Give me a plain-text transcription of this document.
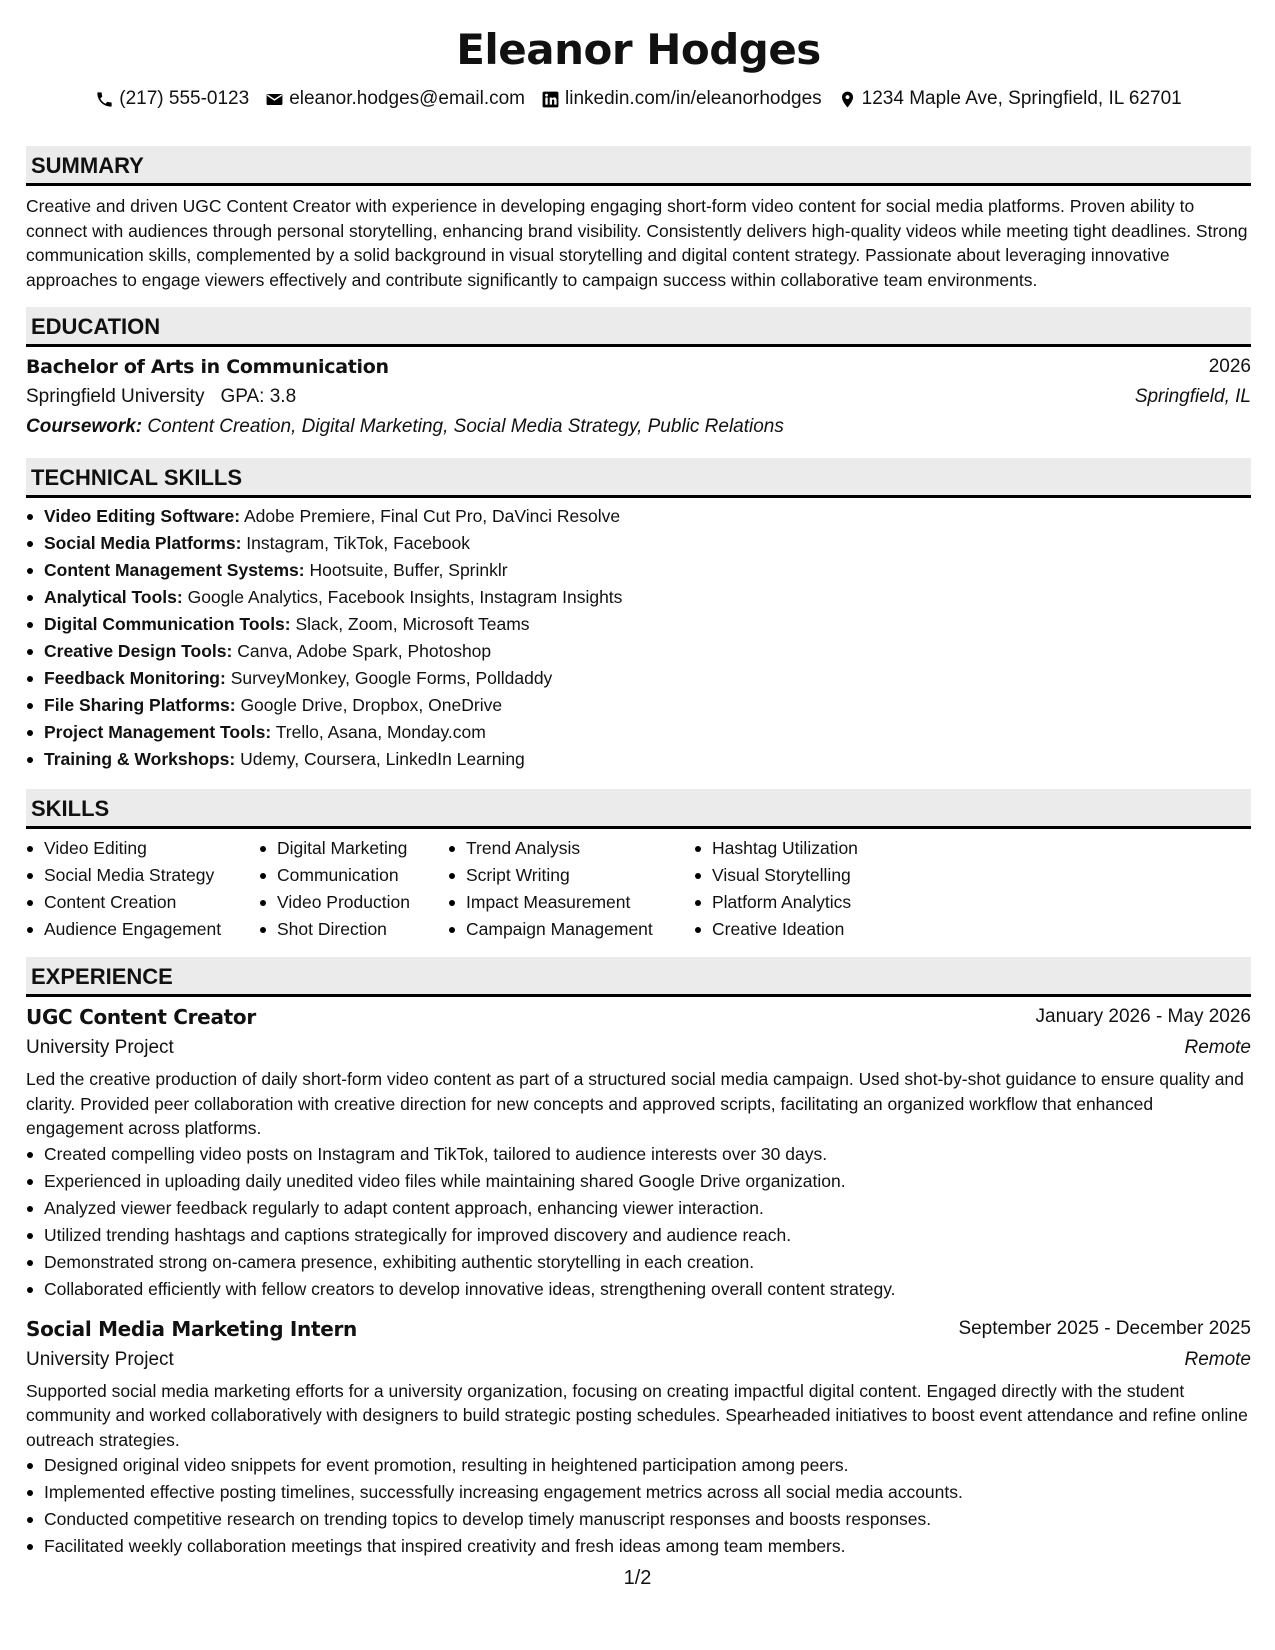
Eleanor Hodges
(217) 555-0123 eleanor.hodges@email.com linkedin.com/in/eleanorhodges 1234 Maple Ave, Springfield, IL 62701
SUMMARY

Creative and driven UGC Content Creator with experience in developing engaging short-form video content for social media platforms. Proven ability to connect with audiences through personal storytelling, enhancing brand visibility. Consistently delivers high-quality videos while meeting tight deadlines. Strong communication skills, complemented by a solid background in visual storytelling and digital content strategy. Passionate about leveraging innovative approaches to engage viewers effectively and contribute significantly to campaign success within collaborative team environments.

EDUCATION
Bachelor of Arts in Communication	2026
Springfield University GPA: 3.8	Springfield, IL
Coursework: Content Creation, Digital Marketing, Social Media Strategy, Public Relations
TECHNICAL SKILLS
Video Editing Software: Adobe Premiere, Final Cut Pro, DaVinci Resolve
Social Media Platforms: Instagram, TikTok, Facebook
Content Management Systems: Hootsuite, Buffer, Sprinklr
Analytical Tools: Google Analytics, Facebook Insights, Instagram Insights
Digital Communication Tools: Slack, Zoom, Microsoft Teams
Creative Design Tools: Canva, Adobe Spark, Photoshop
Feedback Monitoring: SurveyMonkey, Google Forms, Polldaddy
File Sharing Platforms: Google Drive, Dropbox, OneDrive
Project Management Tools: Trello, Asana, Monday.com
Training & Workshops: Udemy, Coursera, LinkedIn Learning
SKILLS
Video Editing
Social Media Strategy
Content Creation
Audience Engagement
Digital Marketing
Communication
Video Production
Shot Direction
Trend Analysis
Script Writing
Impact Measurement
Campaign Management
Hashtag Utilization
Visual Storytelling
Platform Analytics
Creative Ideation
EXPERIENCE
UGC Content Creator	January 2026 - May 2026
University Project	Remote

Led the creative production of daily short-form video content as part of a structured social media campaign. Used shot-by-shot guidance to ensure quality and clarity. Provided peer collaboration with creative direction for new concepts and approved scripts, facilitating an organized workflow that enhanced engagement across platforms.

Created compelling video posts on Instagram and TikTok, tailored to audience interests over 30 days.
Experienced in uploading daily unedited video files while maintaining shared Google Drive organization.
Analyzed viewer feedback regularly to adapt content approach, enhancing viewer interaction.
Utilized trending hashtags and captions strategically for improved discovery and audience reach.
Demonstrated strong on-camera presence, exhibiting authentic storytelling in each creation.
Collaborated efficiently with fellow creators to develop innovative ideas, strengthening overall content strategy.
Social Media Marketing Intern	September 2025 - December 2025
University Project	Remote

Supported social media marketing efforts for a university organization, focusing on creating impactful digital content. Engaged directly with the student community and worked collaboratively with designers to build strategic posting schedules. Spearheaded initiatives to boost event attendance and refine online outreach strategies.

Designed original video snippets for event promotion, resulting in heightened participation among peers.
Implemented effective posting timelines, successfully increasing engagement metrics across all social media accounts.
Conducted competitive research on trending topics to develop timely manuscript responses and boosts responses.
Facilitated weekly collaboration meetings that inspired creativity and fresh ideas among team members.
1/2
